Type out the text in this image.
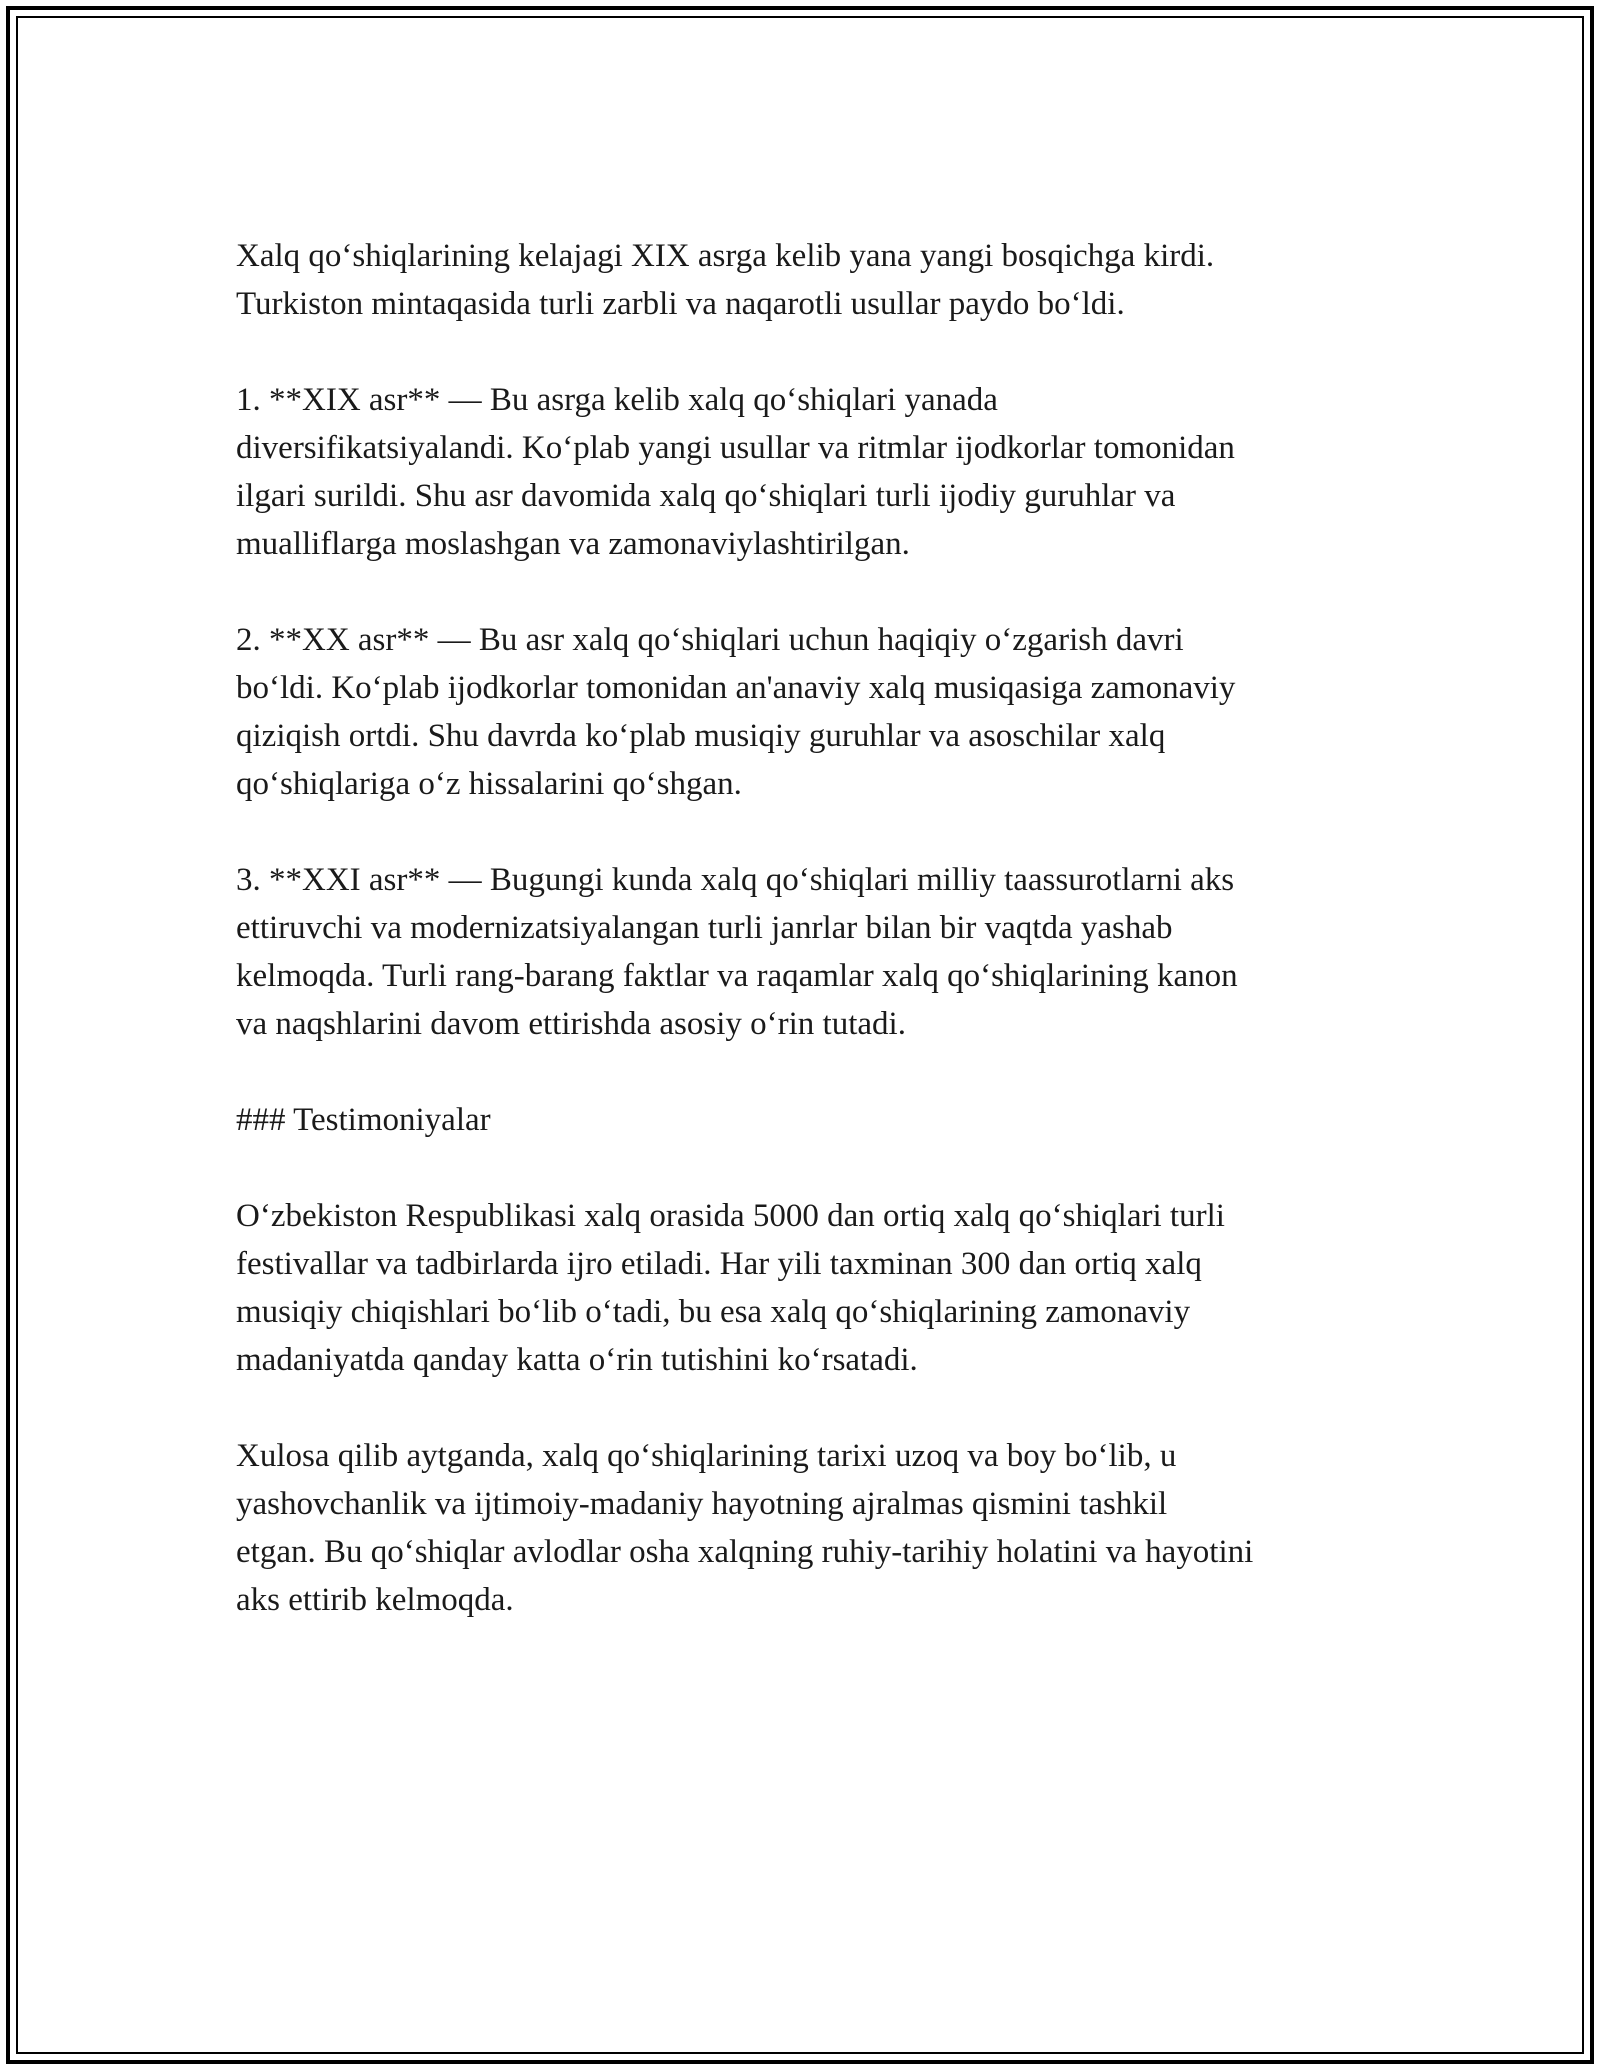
Xalq qo‘shiqlarining kelajagi XIX asrga kelib yana yangi bosqichga kirdi.
Turkiston mintaqasida turli zarbli va naqarotli usullar paydo bo‘ldi.

1. **XIX asr** — Bu asrga kelib xalq qo‘shiqlari yanada
diversifikatsiyalandi. Ko‘plab yangi usullar va ritmlar ijodkorlar tomonidan
ilgari surildi. Shu asr davomida xalq qo‘shiqlari turli ijodiy guruhlar va
mualliflarga moslashgan va zamonaviylashtirilgan.

2. **XX asr** — Bu asr xalq qo‘shiqlari uchun haqiqiy o‘zgarish davri
bo‘ldi. Ko‘plab ijodkorlar tomonidan an'anaviy xalq musiqasiga zamonaviy
qiziqish ortdi. Shu davrda ko‘plab musiqiy guruhlar va asoschilar xalq
qo‘shiqlariga o‘z hissalarini qo‘shgan.

3. **XXI asr** — Bugungi kunda xalq qo‘shiqlari milliy taassurotlarni aks
ettiruvchi va modernizatsiyalangan turli janrlar bilan bir vaqtda yashab
kelmoqda. Turli rang-barang faktlar va raqamlar xalq qo‘shiqlarining kanon
va naqshlarini davom ettirishda asosiy o‘rin tutadi.

### Testimoniyalar

O‘zbekiston Respublikasi xalq orasida 5000 dan ortiq xalq qo‘shiqlari turli
festivallar va tadbirlarda ijro etiladi. Har yili taxminan 300 dan ortiq xalq
musiqiy chiqishlari bo‘lib o‘tadi, bu esa xalq qo‘shiqlarining zamonaviy
madaniyatda qanday katta o‘rin tutishini ko‘rsatadi.

Xulosa qilib aytganda, xalq qo‘shiqlarining tarixi uzoq va boy bo‘lib, u
yashovchanlik va ijtimoiy-madaniy hayotning ajralmas qismini tashkil
etgan. Bu qo‘shiqlar avlodlar osha xalqning ruhiy-tarihiy holatini va hayotini
aks ettirib kelmoqda.
